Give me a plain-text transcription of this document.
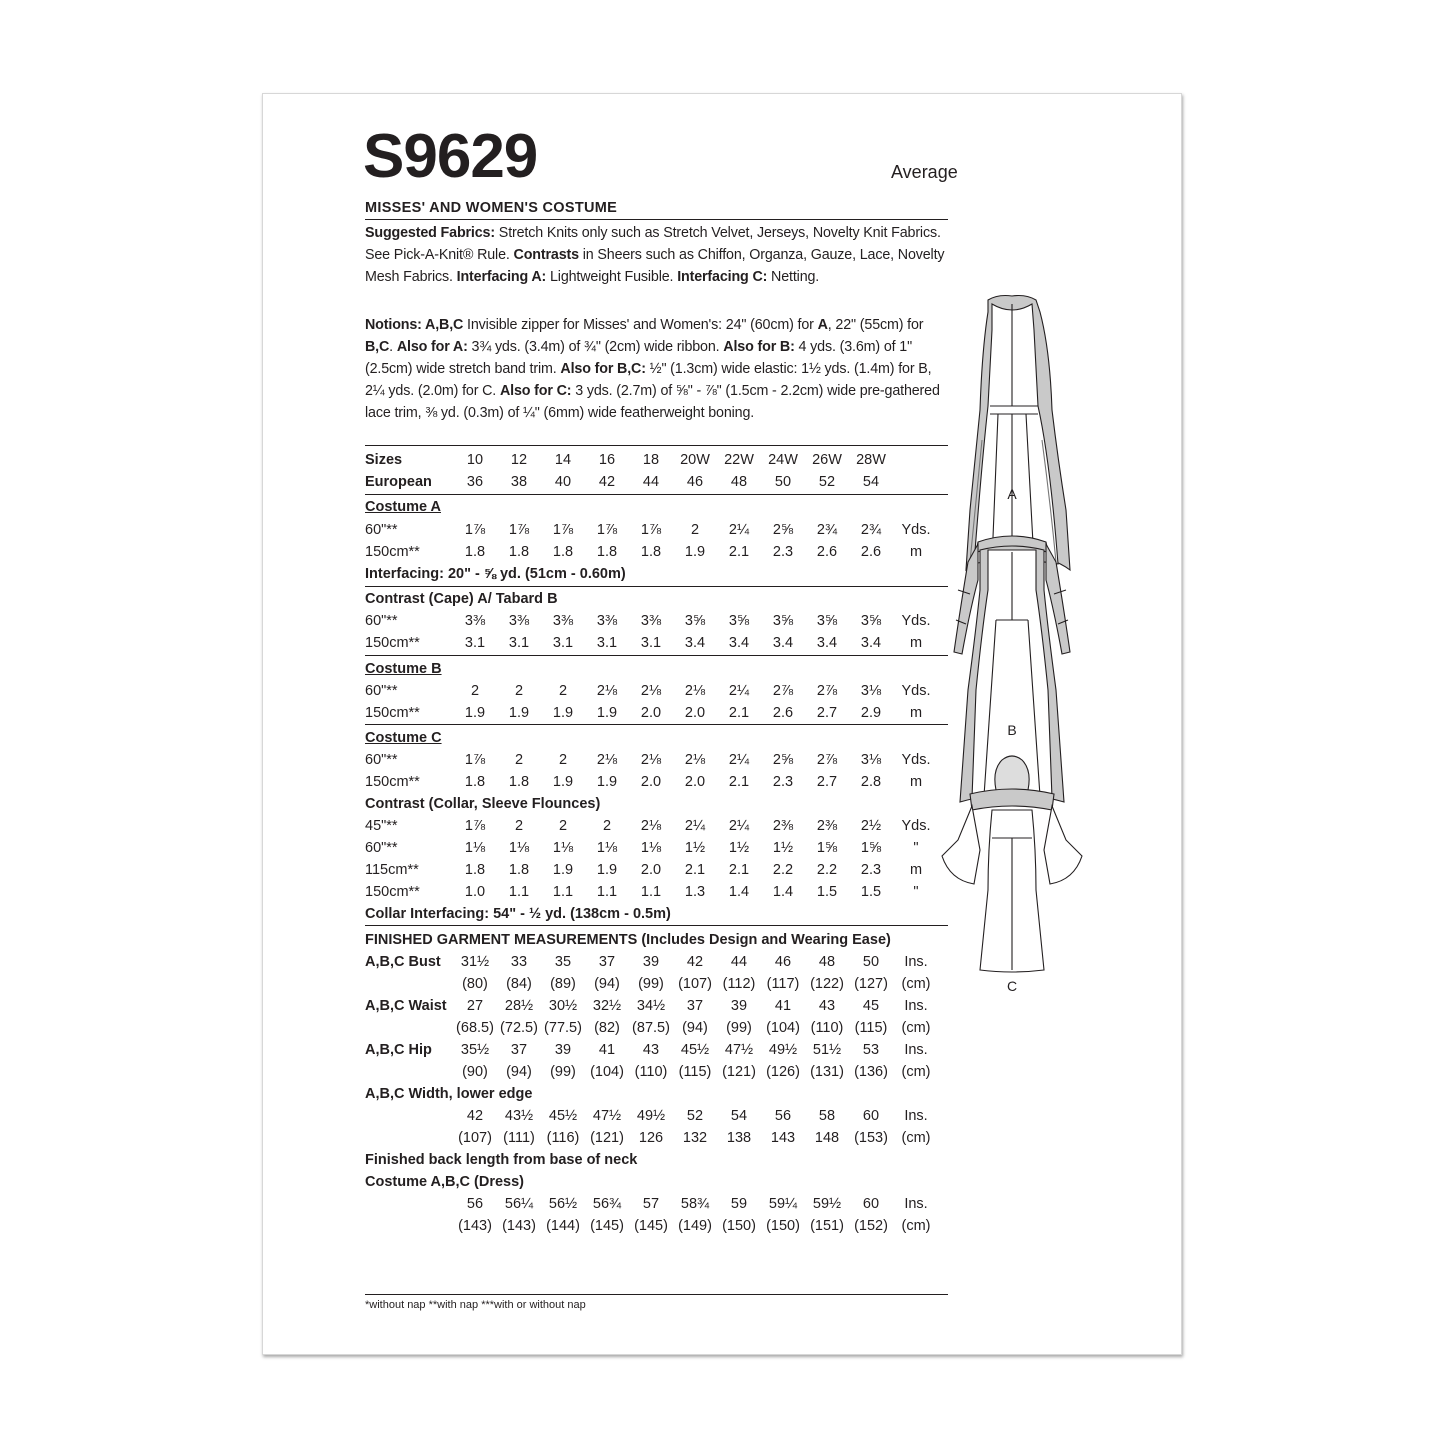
S9629	Average
MISSES' AND WOMEN'S COSTUME
Suggested Fabrics: Stretch Knits only such as Stretch Velvet, Jerseys, Novelty Knit Fabrics. See Pick-A-Knit® Rule. Contrasts in Sheers such as Chiffon, Organza, Gauze, Lace, Novelty Mesh Fabrics. Interfacing A: Lightweight Fusible. Interfacing C: Netting.
Notions: A,B,C Invisible zipper for Misses' and Women's: 24" (60cm) for A, 22" (55cm) for B,C. Also for A: 3¾ yds. (3.4m) of ¾" (2cm) wide ribbon. Also for B: 4 yds. (3.6m) of 1" (2.5cm) wide stretch band trim. Also for B,C: ½" (1.3cm) wide elastic: 1½ yds. (1.4m) for B, 2¼ yds. (2.0m) for C. Also for C: 3 yds. (2.7m) of ⅝" - ⅞" (1.5cm - 2.2cm) wide pre-gathered lace trim, ⅜ yd. (0.3m) of ¼" (6mm) wide featherweight boning.
Sizes	10	12	14	16	18	20W 22W 24W 26W 28W
European	36	38	40	42	44	46	48	50	52	54
Costume A
60"**	1⅞	1⅞	1⅞	1⅞	1⅞	2	2¼	2⅝	2¾	2¾	Yds.
150cm**	1.8	1.8	1.8	1.8	1.8	1.9	2.1	2.3	2.6	2.6	m
Interfacing: 20" - ⅝ yd. (51cm - 0.60m)
Contrast (Cape) A/ Tabard B
60"**	3⅜	3⅜	3⅜	3⅜	3⅜	3⅝	3⅝	3⅝	3⅝	3⅝	Yds.
150cm**	3.1	3.1	3.1	3.1	3.1	3.4	3.4	3.4	3.4	3.4	m
Costume B
60"**	2	2	2	2⅛	2⅛	2⅛	2¼	2⅞	2⅞	3⅛	Yds.
150cm**	1.9	1.9	1.9	1.9	2.0	2.0	2.1	2.6	2.7	2.9	m
Costume C
60"**	1⅞	2	2	2⅛	2⅛	2⅛	2¼	2⅝	2⅞	3⅛	Yds.
150cm**	1.8	1.8	1.9	1.9	2.0	2.0	2.1	2.3	2.7	2.8	m
Contrast (Collar, Sleeve Flounces)
45"**	1⅞	2	2	2	2⅛	2¼	2¼	2⅜	2⅜	2½	Yds.
60"**	1⅛	1⅛	1⅛	1⅛	1⅛	1½	1½	1½	1⅝	1⅝	"
115cm**	1.8	1.8	1.9	1.9	2.0	2.1	2.1	2.2	2.2	2.3	m
150cm**	1.0	1.1	1.1	1.1	1.1	1.3	1.4	1.4	1.5	1.5	"
Collar Interfacing: 54" - ½ yd. (138cm - 0.5m)
FINISHED GARMENT MEASUREMENTS (Includes Design and Wearing Ease)
A,B,C Bust	31½	33	35	37	39	42	44	46	48	50	Ins.
(80)	(84)	(89)	(94)	(99) (107) (112) (117) (122) (127) (cm)
A,B,C Waist	27	28½	30½	32½	34½	37	39	41	43	45	Ins.
(68.5) (72.5) (77.5) (82) (87.5) (94)	(99) (104) (110) (115) (cm)
A,B,C Hip	35½	37	39	41	43	45½	47½	49½	51½	53	Ins.
(90)	(94)	(99) (104) (110) (115) (121) (126) (131) (136) (cm)
A,B,C Width, lower edge
42	43½	45½	47½	49½	52	54	56	58	60	Ins.
(107) (111) (116) (121)	126	132	138	143	148	(153) (cm)
Finished back length from base of neck
Costume A,B,C (Dress)
56	56¼	56½	56¾	57	58¾	59	59¼	59½	60	Ins.
(143) (143) (144) (145) (145) (149) (150) (150) (151) (152) (cm)
A
B
C
*without nap **with nap ***with or without nap
